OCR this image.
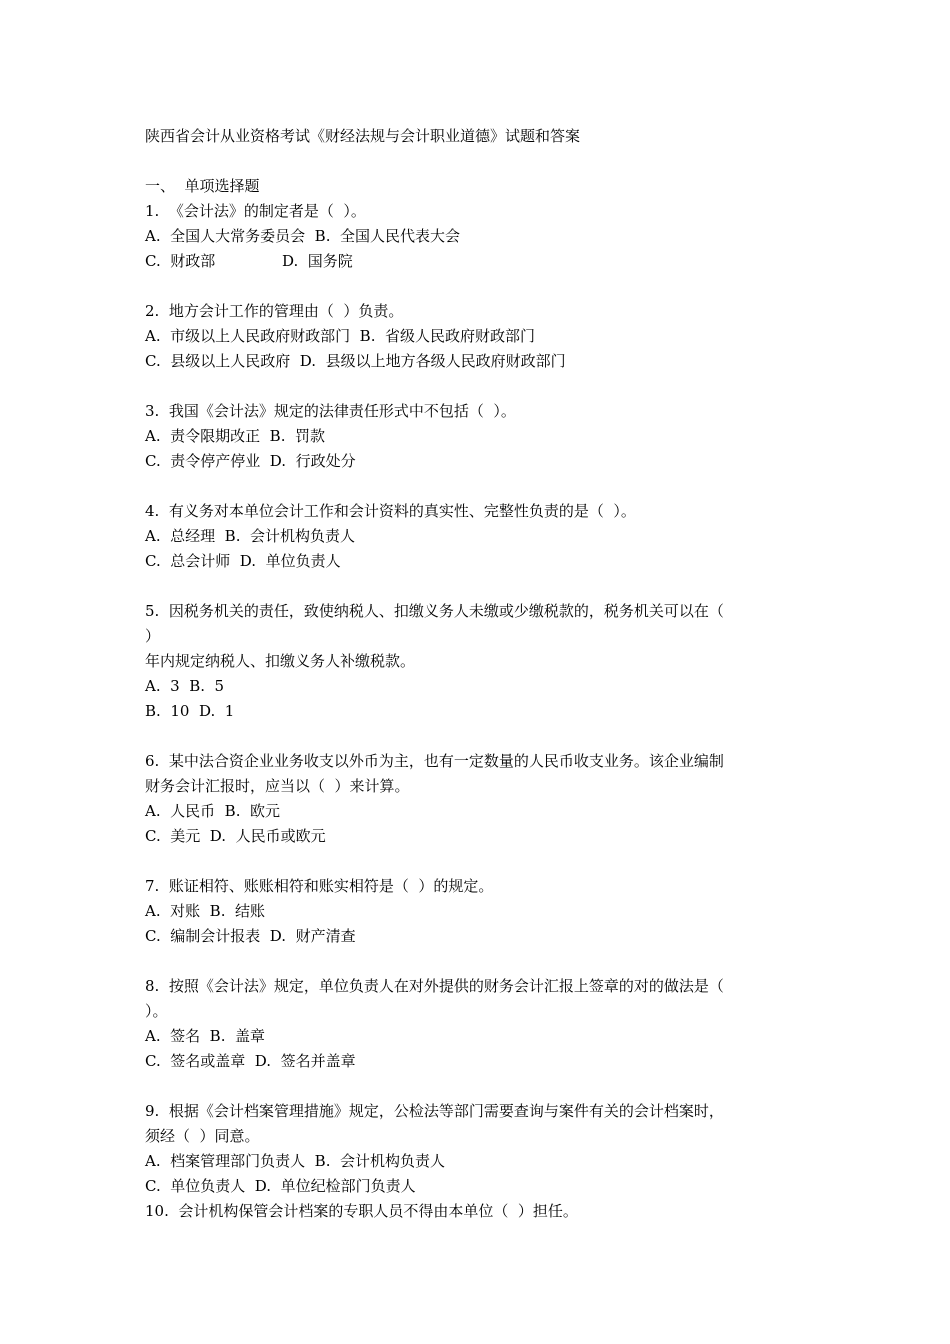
陕西省会计从业资格考试《财经法规与会计职业道德》试题和答案
一、  单项选择题
1.  《会计法》的制定者是（  ）。
A.  全国人大常务委员会  B.  全国人民代表大会
C.  财政部              D.  国务院
2.  地方会计工作的管理由（  ）负责。
A.  市级以上人民政府财政部门  B.  省级人民政府财政部门
C.  县级以上人民政府  D.  县级以上地方各级人民政府财政部门
3.  我国《会计法》规定的法律责任形式中不包括（  ）。
A.  责令限期改正  B.  罚款
C.  责令停产停业  D.  行政处分
4.  有义务对本单位会计工作和会计资料的真实性、完整性负责的是（  ）。
A.  总经理  B.  会计机构负责人
C.  总会计师  D.  单位负责人
5.  因税务机关的责任，致使纳税人、扣缴义务人未缴或少缴税款的，税务机关可以在（
）
年内规定纳税人、扣缴义务人补缴税款。
A.  3  B.  5
B.  10  D.  1
6.  某中法合资企业业务收支以外币为主，也有一定数量的人民币收支业务。该企业编制
财务会计汇报时，应当以（  ）来计算。
A.  人民币  B.  欧元
C.  美元  D.  人民币或欧元
7.  账证相符、账账相符和账实相符是（  ）的规定。
A.  对账  B.  结账
C.  编制会计报表  D.  财产清查
8.  按照《会计法》规定，单位负责人在对外提供的财务会计汇报上签章的对的做法是（
）。
A.  签名  B.  盖章
C.  签名或盖章  D.  签名并盖章
9.  根据《会计档案管理措施》规定，公检法等部门需要查询与案件有关的会计档案时，
须经（  ）同意。
A.  档案管理部门负责人  B.  会计机构负责人
C.  单位负责人  D.  单位纪检部门负责人
10.  会计机构保管会计档案的专职人员不得由本单位（  ）担任。
